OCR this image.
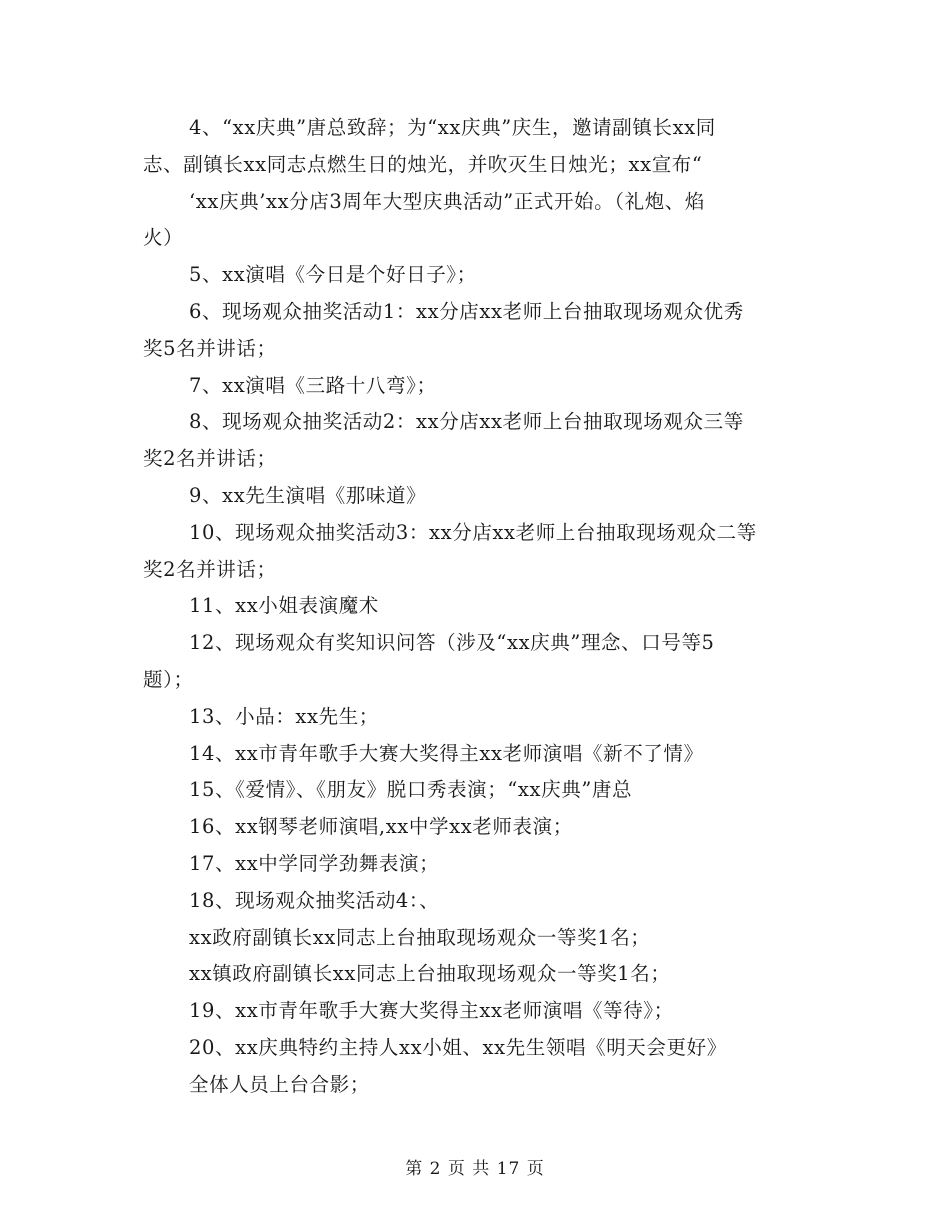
4、“xx庆典”唐总致辞；为“xx庆典”庆生，邀请副镇长xx同
志、副镇长xx同志点燃生日的烛光，并吹灭生日烛光；xx宣布“
‘xx庆典’xx分店3周年大型庆典活动”正式开始。（礼炮、焰
火）
5、xx演唱《今日是个好日子》；
6、现场观众抽奖活动1：xx分店xx老师上台抽取现场观众优秀
奖5名并讲话；
7、xx演唱《三路十八弯》；
8、现场观众抽奖活动2：xx分店xx老师上台抽取现场观众三等
奖2名并讲话；
9、xx先生演唱《那味道》
10、现场观众抽奖活动3：xx分店xx老师上台抽取现场观众二等
奖2名并讲话；
11、xx小姐表演魔术
12、现场观众有奖知识问答（涉及“xx庆典”理念、口号等5
题）；
13、小品：xx先生；
14、xx市青年歌手大赛大奖得主xx老师演唱《新不了情》
15、《爱情》、《朋友》脱口秀表演；“xx庆典”唐总
16、xx钢琴老师演唱,xx中学xx老师表演；
17、xx中学同学劲舞表演；
18、现场观众抽奖活动4：、
xx政府副镇长xx同志上台抽取现场观众一等奖1名；
xx镇政府副镇长xx同志上台抽取现场观众一等奖1名；
19、xx市青年歌手大赛大奖得主xx老师演唱《等待》；
20、xx庆典特约主持人xx小姐、xx先生领唱《明天会更好》
全体人员上台合影；
第 2 页 共 17 页
